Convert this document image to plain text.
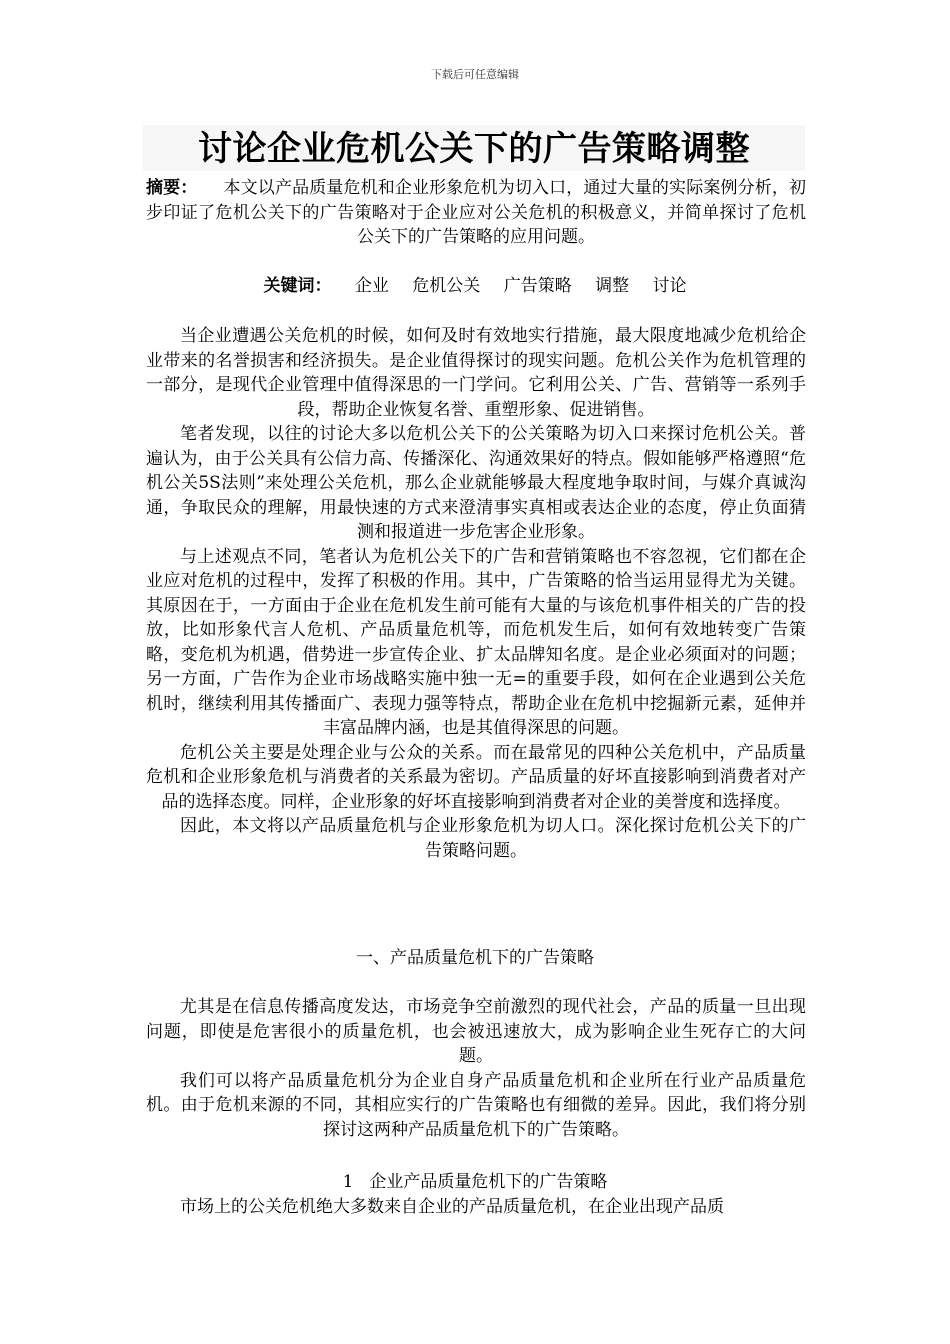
下载后可任意编辑
讨论企业危机公关下的广告策略调整

摘要： 本文以产品质量危机和企业形象危机为切入口，通过大量的实际案例分析，初步印证了危机公关下的广告策略对于企业应对公关危机的积极意义，并简单探讨了危机公关下的广告策略的应用问题。

关键词： 企业 危机公关 广告策略 调整 讨论

当企业遭遇公关危机的时候，如何及时有效地实行措施，最大限度地减少危机给企业带来的名誉损害和经济损失。是企业值得探讨的现实问题。危机公关作为危机管理的一部分，是现代企业管理中值得深思的一门学问。它利用公关、广告、营销等一系列手段，帮助企业恢复名誉、重塑形象、促进销售。

笔者发现，以往的讨论大多以危机公关下的公关策略为切入口来探讨危机公关。普遍认为，由于公关具有公信力高、传播深化、沟通效果好的特点。假如能够严格遵照“危机公关5S法则”来处理公关危机，那么企业就能够最大程度地争取时间，与媒介真诚沟通，争取民众的理解，用最快速的方式来澄清事实真相或表达企业的态度，停止负面猜测和报道进一步危害企业形象。

与上述观点不同，笔者认为危机公关下的广告和营销策略也不容忽视，它们都在企业应对危机的过程中，发挥了积极的作用。其中，广告策略的恰当运用显得尤为关键。其原因在于，一方面由于企业在危机发生前可能有大量的与该危机事件相关的广告的投放，比如形象代言人危机、产品质量危机等，而危机发生后，如何有效地转变广告策略，变危机为机遇，借势进一步宣传企业、扩太品牌知名度。是企业必须面对的问题；另一方面，广告作为企业市场战略实施中独一无=的重要手段，如何在企业遇到公关危机时，继续利用其传播面广、表现力强等特点，帮助企业在危机中挖掘新元素，延伸并丰富品牌内涵，也是其值得深思的问题。

危机公关主要是处理企业与公众的关系。而在最常见的四种公关危机中，产品质量危机和企业形象危机与消费者的关系最为密切。产品质量的好坏直接影响到消费者对产品的选择态度。同样，企业形象的好坏直接影响到消费者对企业的美誉度和选择度。

因此，本文将以产品质量危机与企业形象危机为切人口。深化探讨危机公关下的广告策略问题。

一、产品质量危机下的广告策略

尤其是在信息传播高度发达，市场竞争空前激烈的现代社会，产品的质量一旦出现问题，即使是危害很小的质量危机，也会被迅速放大，成为影响企业生死存亡的大问题。

我们可以将产品质量危机分为企业自身产品质量危机和企业所在行业产品质量危机。由于危机来源的不同，其相应实行的广告策略也有细微的差异。因此，我们将分别探讨这两种产品质量危机下的广告策略。

1 企业产品质量危机下的广告策略

市场上的公关危机绝大多数来自企业的产品质量危机，在企业出现产品质
